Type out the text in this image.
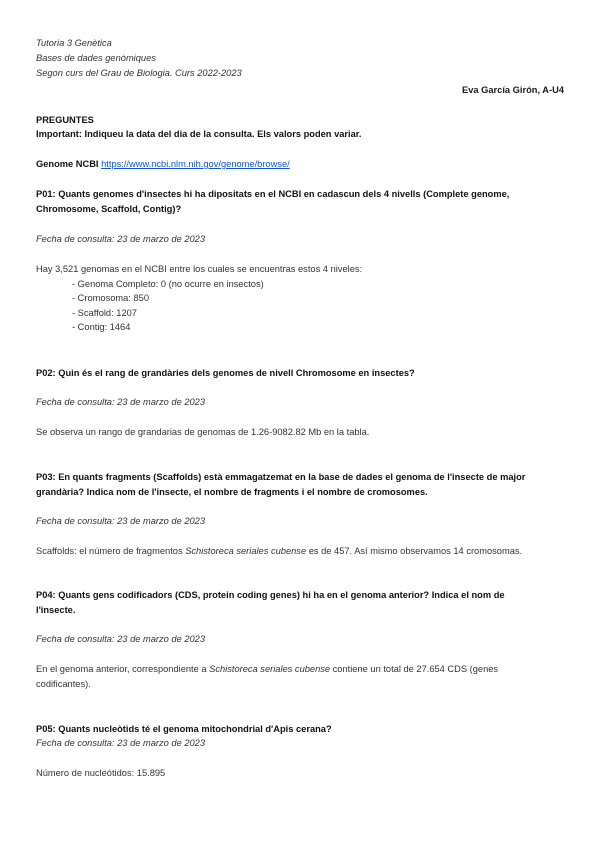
Tutoria 3 Genètica
Bases de dades genòmiques
Segon curs del Grau de Biologia. Curs 2022-2023
Eva García Girón, A-U4
PREGUNTES
Important: Indiqueu la data del dia de la consulta. Els valors poden variar.
Genome NCBI https://www.ncbi.nlm.nih.gov/genome/browse/
P01: Quants genomes d'insectes hi ha dipositats en el NCBI en cadascun dels 4 nivells (Complete genome,
Chromosome, Scaffold, Contig)?
Fecha de consulta: 23 de marzo de 2023
Hay 3,521 genomas en el NCBI entre los cuales se encuentras estos 4 niveles:
- Genoma Completo: 0 (no ocurre en insectos)
- Cromosoma: 850
- Scaffold: 1207
- Contig: 1464
P02: Quin és el rang de grandàries dels genomes de nivell Chromosome en insectes?
Fecha de consulta: 23 de marzo de 2023
Se observa un rango de grandarias de genomas de 1.26-9082.82 Mb en la tabla.
P03: En quants fragments (Scaffolds) està emmagatzemat en la base de dades el genoma de l'insecte de major
grandària? Indica nom de l'insecte, el nombre de fragments i el nombre de cromosomes.
Fecha de consulta: 23 de marzo de 2023
Scaffolds: el número de fragmentos Schistoreca seriales cubense es de 457. Así mismo observamos 14 cromosomas.
P04: Quants gens codificadors (CDS, protein coding genes) hi ha en el genoma anterior? Indica el nom de
l'insecte.
Fecha de consulta: 23 de marzo de 2023
En el genoma anterior, correspondiente a Schistoreca seriales cubense contiene un total de 27.654 CDS (genes
codificantes).
P05: Quants nucleòtids té el genoma mitochondrial d'Apis cerana?
Fecha de consulta: 23 de marzo de 2023
Número de nucleótidos: 15.895
